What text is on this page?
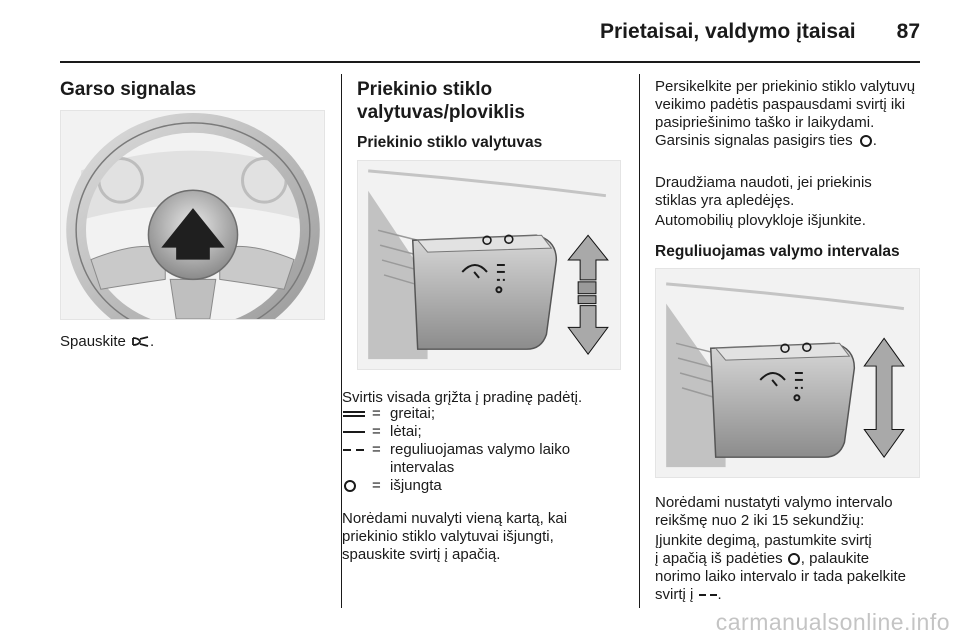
Prietaisai, valdymo įtaisai	87
Garso signalas
Spauskite .
Priekinio stiklo valytuvas/ploviklis
Priekinio stiklo valytuvas
Svirtis visada grįžta į pradinę padėtį.
= greitai;
= lėtai;
= reguliuojamas valymo laiko intervalas
= išjungta
Norėdami nuvalyti vieną kartą, kai priekinio stiklo valytuvai išjungti, spauskite svirtį į apačią.
Persikelkite per priekinio stiklo valytuvų veikimo padėtis paspausdami svirtį iki pasipriešinimo taško ir laikydami. Garsinis signalas pasigirs ties .
Draudžiama naudoti, jei priekinis stiklas yra apledėjęs.
Automobilių plovykloje išjunkite.
Reguliuojamas valymo intervalas
Norėdami nustatyti valymo intervalo reikšmę nuo 2 iki 15 sekundžių:
Įjunkite degimą, pastumkite svirtį
į apačią iš padėties , palaukite
norimo laiko intervalo ir tada pakelkite
svirtį į .
carmanualsonline.info
